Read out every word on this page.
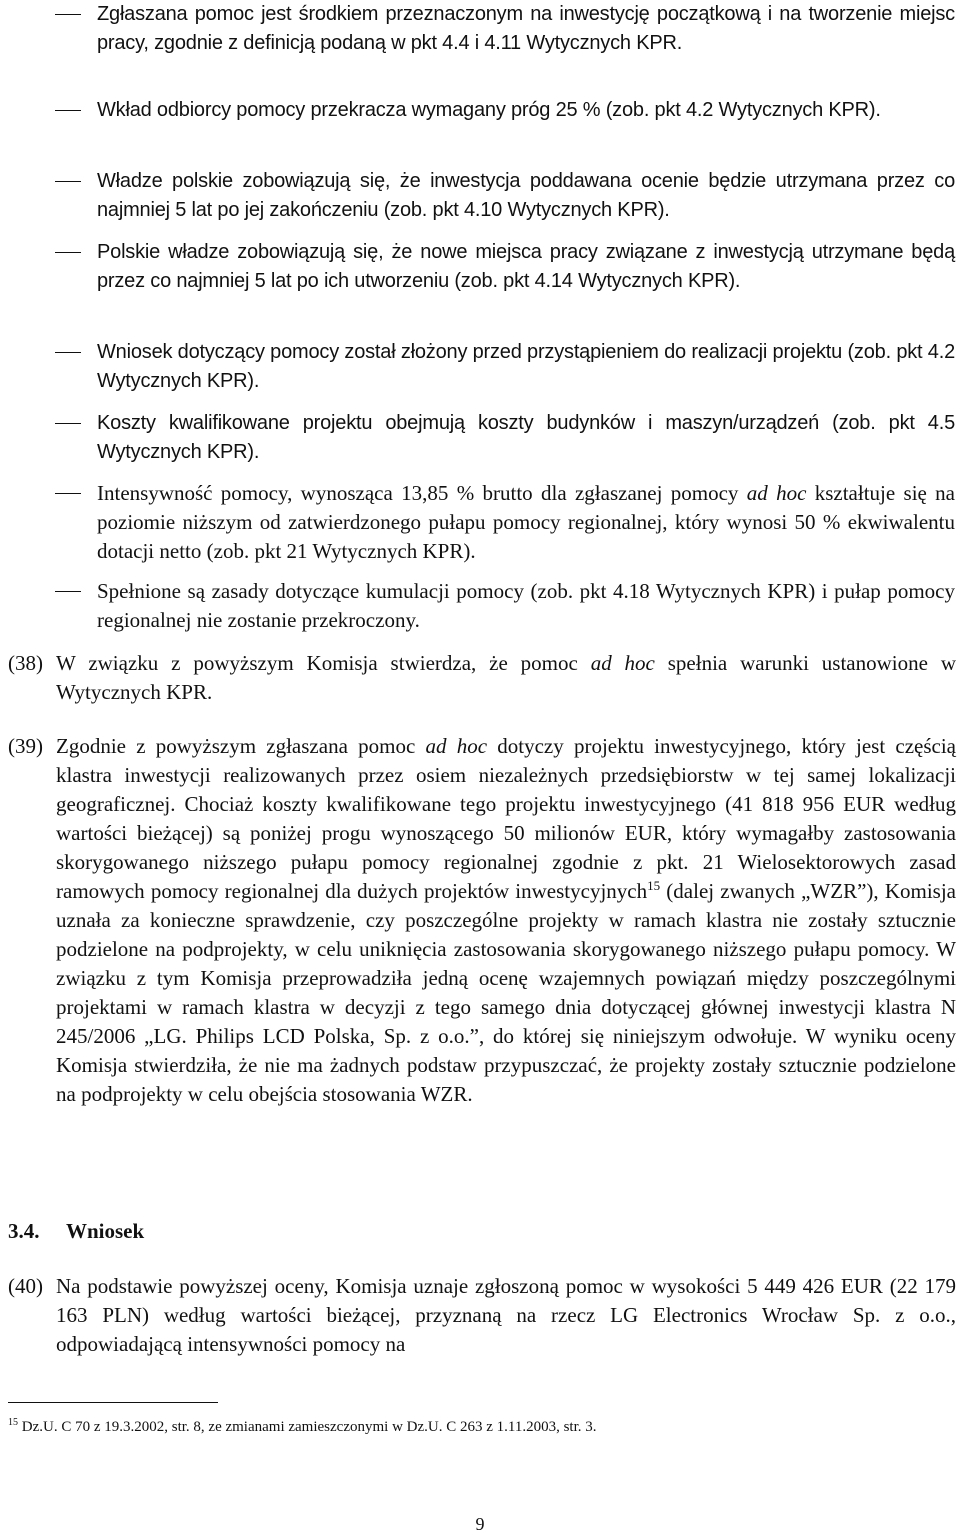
Zgłaszana pomoc jest środkiem przeznaczonym na inwestycję początkową i na tworzenie miejsc pracy, zgodnie z definicją podaną w pkt 4.4 i 4.11 Wytycznych KPR.
Wkład odbiorcy pomocy przekracza wymagany próg 25 % (zob. pkt 4.2 Wytycznych KPR).
Władze polskie zobowiązują się, że inwestycja poddawana ocenie będzie utrzymana przez co najmniej 5 lat po jej zakończeniu (zob. pkt 4.10 Wytycznych KPR).
Polskie władze zobowiązują się, że nowe miejsca pracy związane z inwestycją utrzymane będą przez co najmniej 5 lat po ich utworzeniu (zob. pkt 4.14 Wytycznych KPR).
Wniosek dotyczący pomocy został złożony przed przystąpieniem do realizacji projektu (zob. pkt 4.2 Wytycznych KPR).
Koszty kwalifikowane projektu obejmują koszty budynków i maszyn/urządzeń (zob. pkt 4.5 Wytycznych KPR).
Intensywność pomocy, wynosząca 13,85 % brutto dla zgłaszanej pomocy ad hoc kształtuje się na poziomie niższym od zatwierdzonego pułapu pomocy regionalnej, który wynosi 50 % ekwiwalentu dotacji netto (zob. pkt 21 Wytycznych KPR).
Spełnione są zasady dotyczące kumulacji pomocy (zob. pkt 4.18 Wytycznych KPR) i pułap pomocy regionalnej nie zostanie przekroczony.
(38) W związku z powyższym Komisja stwierdza, że pomoc ad hoc spełnia warunki ustanowione w Wytycznych KPR.
(39) Zgodnie z powyższym zgłaszana pomoc ad hoc dotyczy projektu inwestycyjnego, który jest częścią klastra inwestycji realizowanych przez osiem niezależnych przedsiębiorstw w tej samej lokalizacji geograficznej. Chociaż koszty kwalifikowane tego projektu inwestycyjnego (41 818 956 EUR według wartości bieżącej) są poniżej progu wynoszącego 50 milionów EUR, który wymagałby zastosowania skorygowanego niższego pułapu pomocy regionalnej zgodnie z pkt. 21 Wielosektorowych zasad ramowych pomocy regionalnej dla dużych projektów inwestycyjnych$^{15}$ (dalej zwanych „WZR”), Komisja uznała za konieczne sprawdzenie, czy poszczególne projekty w ramach klastra nie zostały sztucznie podzielone na podprojekty, w celu uniknięcia zastosowania skorygowanego niższego pułapu pomocy. W związku z tym Komisja przeprowadziła jedną ocenę wzajemnych powiązań między poszczególnymi projektami w ramach klastra w decyzji z tego samego dnia dotyczącej głównej inwestycji klastra N 245/2006 „LG. Philips LCD Polska, Sp. z o.o.”, do której się niniejszym odwołuje. W wyniku oceny Komisja stwierdziła, że nie ma żadnych podstaw przypuszczać, że projekty zostały sztucznie podzielone na podprojekty w celu obejścia stosowania WZR.
3.4. Wniosek
(40) Na podstawie powyższej oceny, Komisja uznaje zgłoszoną pomoc w wysokości 5 449 426 EUR (22 179 163 PLN) według wartości bieżącej, przyznaną na rzecz LG Electronics Wrocław Sp. z o.o., odpowiadającą intensywności pomocy na
$^{15}$ Dz.U. C 70 z 19.3.2002, str. 8, ze zmianami zamieszczonymi w Dz.U. C 263 z 1.11.2003, str. 3.
9
